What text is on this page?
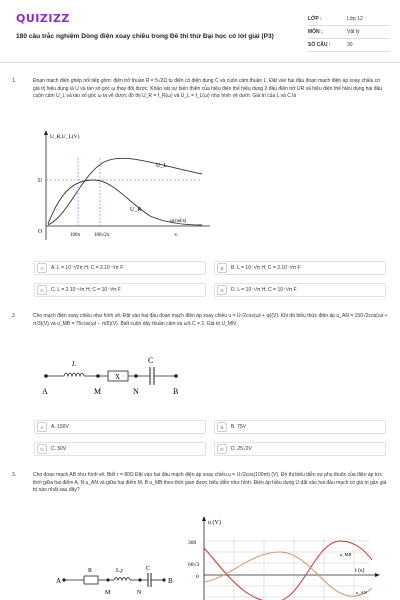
QUIZIZZ
180 câu trắc nghiệm Dòng điện xoay chiều trong Đề thi thử Đại học có lời giải (P3)
LỚP :	Lớp 12
MÔN :	Vật lý
SỐ CÂU :	30
1.	Đoạn mạch điện ghép nối tiếp gồm: điện trở thuần R = 5√2Ω tụ điện có điện dung C và cuộn cảm thuần L. Đặt vào hai đầu đoạn mạch điện áp xoay chiều có giá trị hiệu dụng là U và tần số góc ω thay đổi được. Khảo sát sự biến thiên của hiệu điện thế hiệu dụng 2 đầu điện trở UR và hiệu điện thế hiệu dụng hai đầu cuộn cảm U_L và tần số góc ω ta vẽ được đồ thị U_R = f_R(ω) và U_L = f_L(ω) như hình vẽ dưới. Giá trị của L và C là
U_R,U_L(V)
U
O
ω(rad/s)
U_L
U_R
100π	100√2π	∞
A	A. L = 10⁻¹/2π H; C = 2.10⁻³/π F	B	B. L = 10⁻¹/π H; C = 2.10⁻³/π F
C	C. L = 2.10⁻¹/π H; C = 10⁻³/π F	D	D. L = 10⁻¹/π H; C = 10⁻³/π F
2.	Cho mạch điện xoay chiều như hình vẽ. Đặt vào hai đầu đoạn mạch điện áp xoay chiều u = U√2cos(ωt + φ)(V). Khi đó biểu thức điện áp u_AN = 150√2cos(ωt + π/3)(V) và u_MB = 75cos(ωt − π/6)(V). Biết cuộn dây thuần cảm và ω²LC = 2. Giá trị U_MN:
L
X
C
A	M	N	B
A	A. 150V	B	B. 75V
C	C. 50V	D	D. 25√2V
3.	Cho đoạn mạch AB như hình vẽ. Biết r = 80Ω Đặt vào hai đầu mạch điện áp xoay chiều u = U√2cos(100πt) (V). Đồ thị biểu diễn sự phụ thuộc của điện áp tức thời giữa hai điểm A, N u_AN và giữa hai điểm M, B u_MB theo thời gian được biểu diễn như hình. Điện áp hiệu dụng U đặt vào hai đầu mạch có giá trị gần giá trị nào nhất sau đây?
A
R	L,r	C
M	N
B
u (V)
300
60√3
0
t (s)
u_MB
u_AN
